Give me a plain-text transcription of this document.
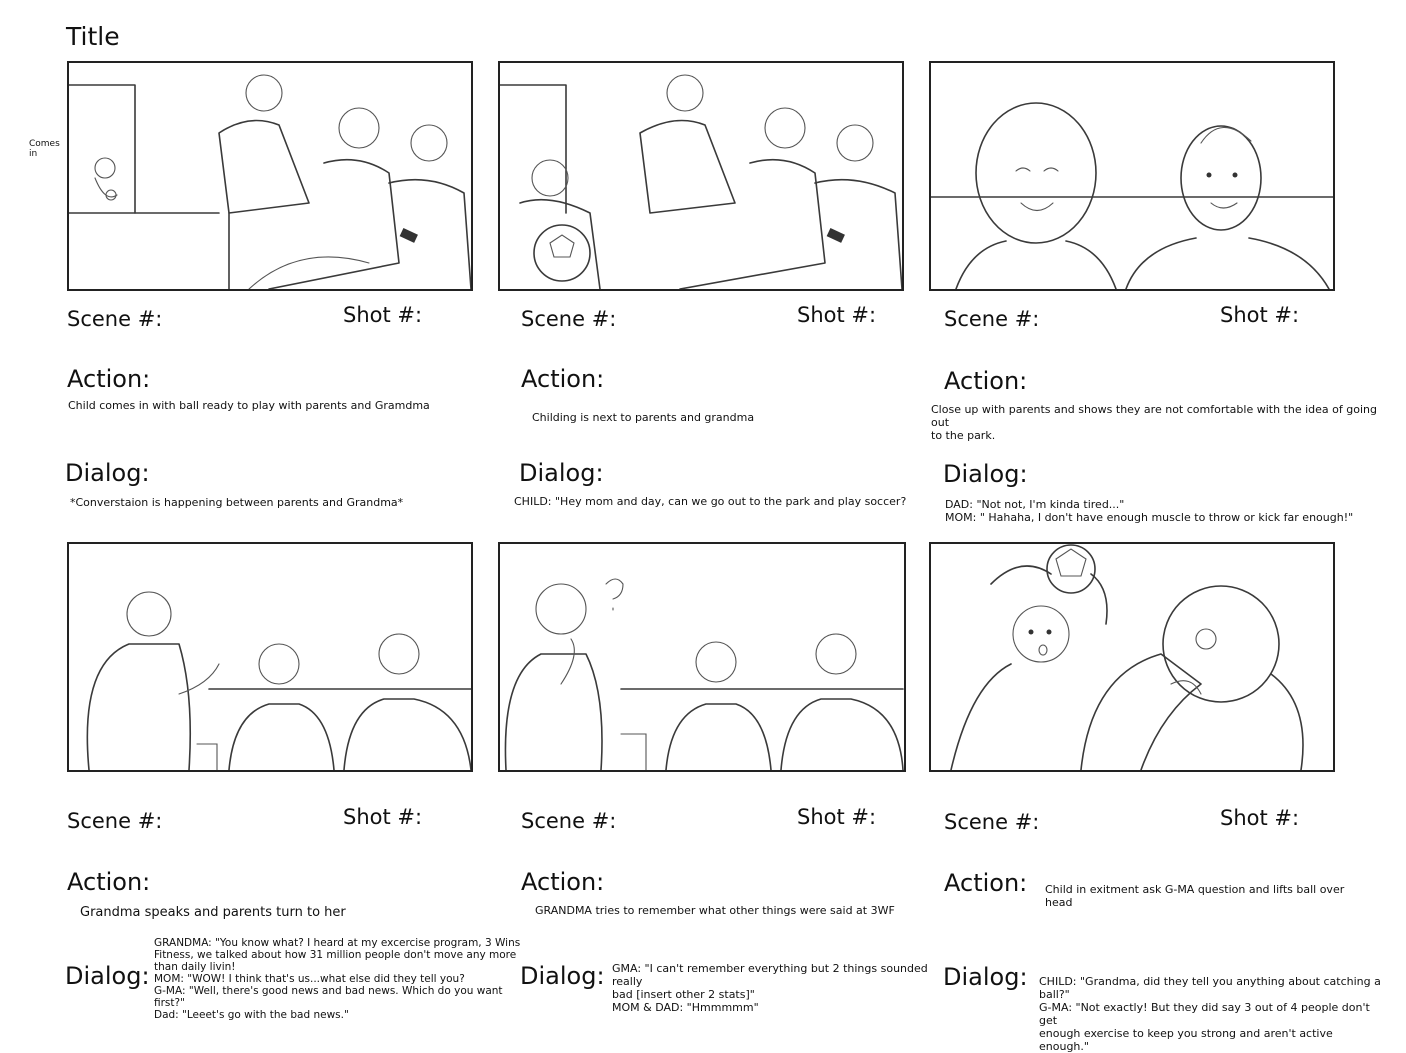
Title
Comes
in
Scene #:	Shot #:
Action:
Child comes in with ball ready to play with parents and Gramdma
Dialog:
*Converstaion is happening between parents and Grandma*
Scene #:	Shot #:
Action:
Childing is next to parents and grandma
Dialog:
CHILD: "Hey mom and day, can we go out to the park and play soccer?
Scene #:	Shot #:
Action:
Close up with parents and shows they are not comfortable with the idea of going out
to the park.
Dialog:
DAD: "Not not, I'm kinda tired..."
MOM: " Hahaha, I don't have enough muscle to throw or kick far enough!"
Scene #:	Shot #:
Action:
Grandma speaks and parents turn to her
Dialog:
GRANDMA: "You know what? I heard at my excercise program, 3 Wins
Fitness, we talked about how 31 million people don't move any more
than daily livin!
MOM: "WOW! I think that's us...what else did they tell you?
G-MA: "Well, there's good news and bad news. Which do you want first?"
Dad: "Leeet's go with the bad news."
Scene #:	Shot #:
Action:
GRANDMA tries to remember what other things were said at 3WF
Dialog: GMA: "I can't remember everything but 2 things sounded really
bad [insert other 2 stats]"
MOM & DAD: "Hmmmmm"
Scene #:	Shot #:
Action: Child in exitment ask G-MA question and lifts ball over head
Dialog: CHILD: "Grandma, did they tell you anything about catching a ball?"
G-MA: "Not exactly! But they did say 3 out of 4 people don't get
enough exercise to keep you strong and aren't active enough."
